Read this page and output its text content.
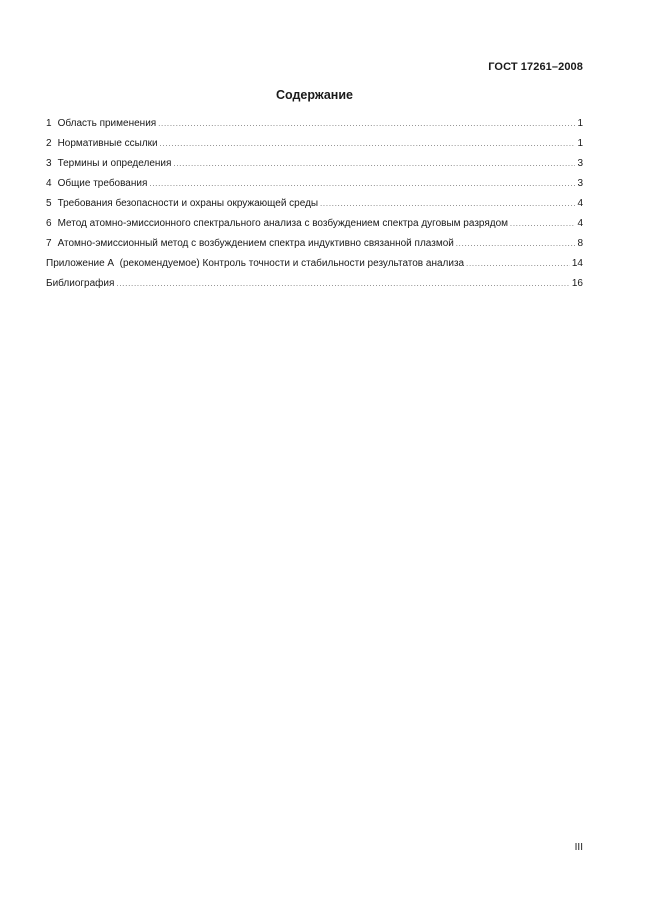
ГОСТ 17261–2008
Содержание
1 Область применения .....	1
2 Нормативные ссылки .....	1
3 Термины и определения .....	3
4 Общие требования .....	3
5 Требования безопасности и охраны окружающей среды .....	4
6 Метод атомно-эмиссионного спектрального анализа с возбуждением спектра дуговым разрядом .....	4
7 Атомно-эмиссионный метод с возбуждением спектра индуктивно связанной плазмой .....	8
Приложение А  (рекомендуемое) Контроль точности и стабильности результатов анализа .....	14
Библиография .....	16
III
